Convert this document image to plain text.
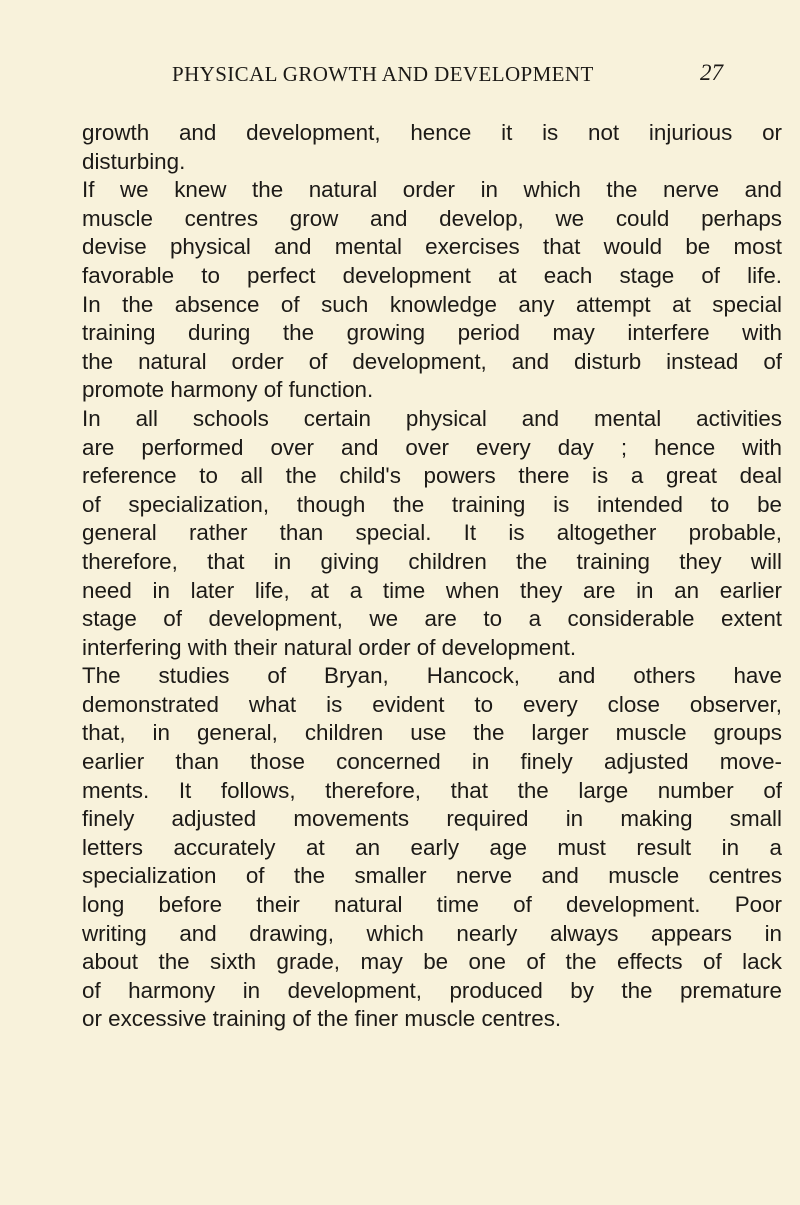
PHYSICAL GROWTH AND DEVELOPMENT	27
growth and development, hence it is not injurious or
disturbing.
If we knew the natural order in which the nerve and
muscle centres grow and develop, we could perhaps
devise physical and mental exercises that would be most
favorable to perfect development at each stage of life.
In the absence of such knowledge any attempt at special
training during the growing period may interfere with
the natural order of development, and disturb instead of
promote harmony of function.
In all schools certain physical and mental activities
are performed over and over every day ; hence with
reference to all the child's powers there is a great deal
of specialization, though the training is intended to be
general rather than special. It is altogether probable,
therefore, that in giving children the training they will
need in later life, at a time when they are in an earlier
stage of development, we are to a considerable extent
interfering with their natural order of development.
The studies of Bryan, Hancock, and others have
demonstrated what is evident to every close observer,
that, in general, children use the larger muscle groups
earlier than those concerned in finely adjusted move-
ments. It follows, therefore, that the large number of
finely adjusted movements required in making small
letters accurately at an early age must result in a
specialization of the smaller nerve and muscle centres
long before their natural time of development. Poor
writing and drawing, which nearly always appears in
about the sixth grade, may be one of the effects of lack
of harmony in development, produced by the premature
or excessive training of the finer muscle centres.
